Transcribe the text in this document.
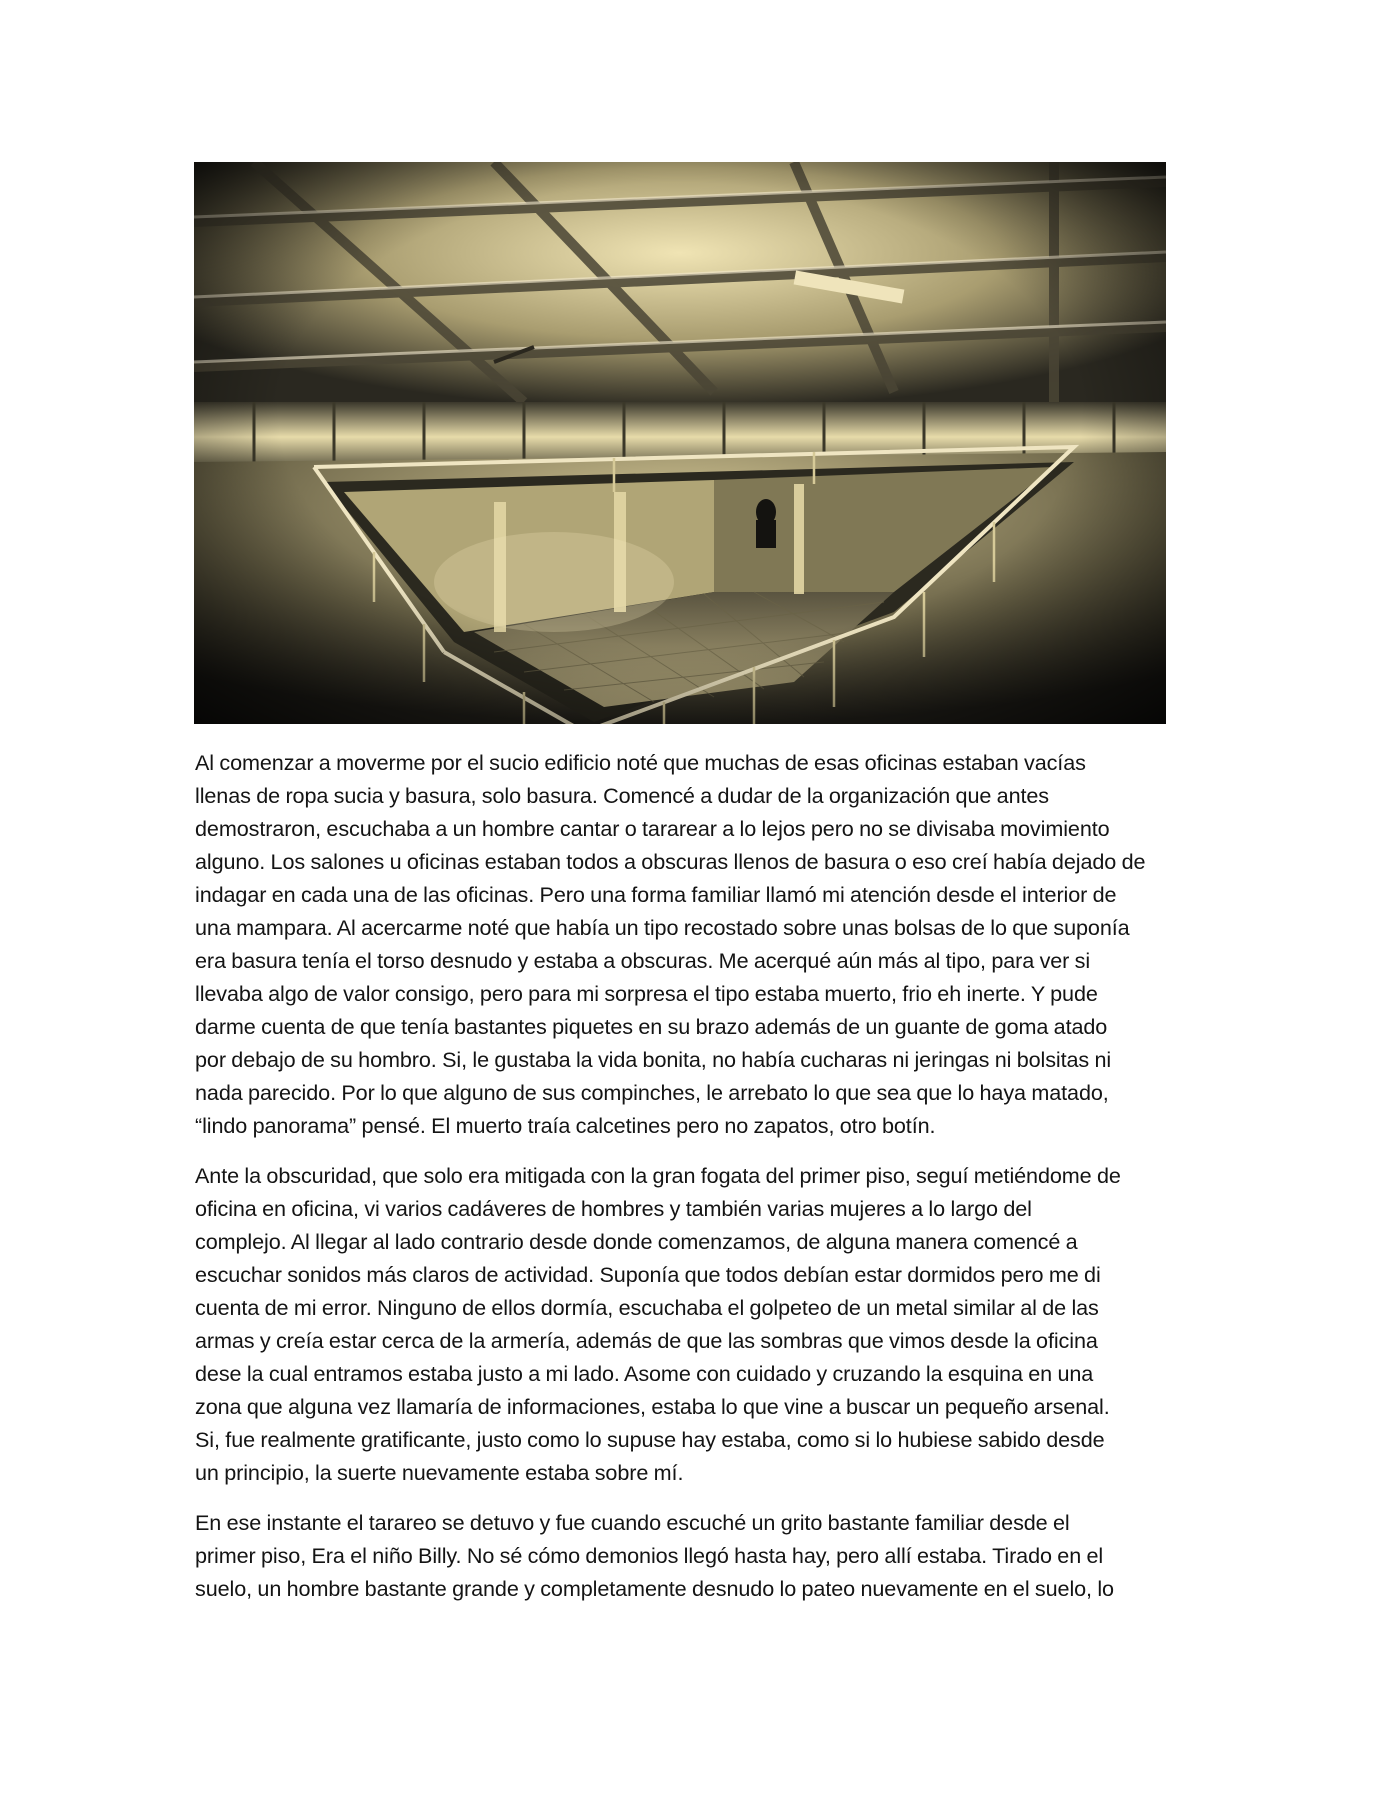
Al comenzar a moverme por el sucio edificio noté que muchas de esas oficinas estaban vacías
llenas de ropa sucia y basura, solo basura. Comencé a dudar de la organización que antes
demostraron, escuchaba a un hombre cantar o tararear a lo lejos pero no se divisaba movimiento
alguno. Los salones u oficinas estaban todos a obscuras llenos de basura o eso creí había dejado de
indagar en cada una de las oficinas. Pero una forma familiar llamó mi atención desde el interior de
una mampara. Al acercarme noté que había un tipo recostado sobre unas bolsas de lo que suponía
era basura tenía el torso desnudo y estaba a obscuras. Me acerqué aún más al tipo, para ver si
llevaba algo de valor consigo, pero para mi sorpresa el tipo estaba muerto, frio eh inerte. Y pude
darme cuenta de que tenía bastantes piquetes en su brazo además de un guante de goma atado
por debajo de su hombro. Si, le gustaba la vida bonita, no había cucharas ni jeringas ni bolsitas ni
nada parecido. Por lo que alguno de sus compinches, le arrebato lo que sea que lo haya matado,
“lindo panorama” pensé. El muerto traía calcetines pero no zapatos, otro botín.

Ante la obscuridad, que solo era mitigada con la gran fogata del primer piso, seguí metiéndome de
oficina en oficina, vi varios cadáveres de hombres y también varias mujeres a lo largo del
complejo. Al llegar al lado contrario desde donde comenzamos, de alguna manera comencé a
escuchar sonidos más claros de actividad. Suponía que todos debían estar dormidos pero me di
cuenta de mi error. Ninguno de ellos dormía, escuchaba el golpeteo de un metal similar al de las
armas y creía estar cerca de la armería, además de que las sombras que vimos desde la oficina
dese la cual entramos estaba justo a mi lado. Asome con cuidado y cruzando la esquina en una
zona que alguna vez llamaría de informaciones, estaba lo que vine a buscar un pequeño arsenal.
Si, fue realmente gratificante, justo como lo supuse hay estaba, como si lo hubiese sabido desde
un principio, la suerte nuevamente estaba sobre mí.

En ese instante el tarareo se detuvo y fue cuando escuché un grito bastante familiar desde el
primer piso, Era el niño Billy. No sé cómo demonios llegó hasta hay, pero allí estaba. Tirado en el
suelo, un hombre bastante grande y completamente desnudo lo pateo nuevamente en el suelo, lo
